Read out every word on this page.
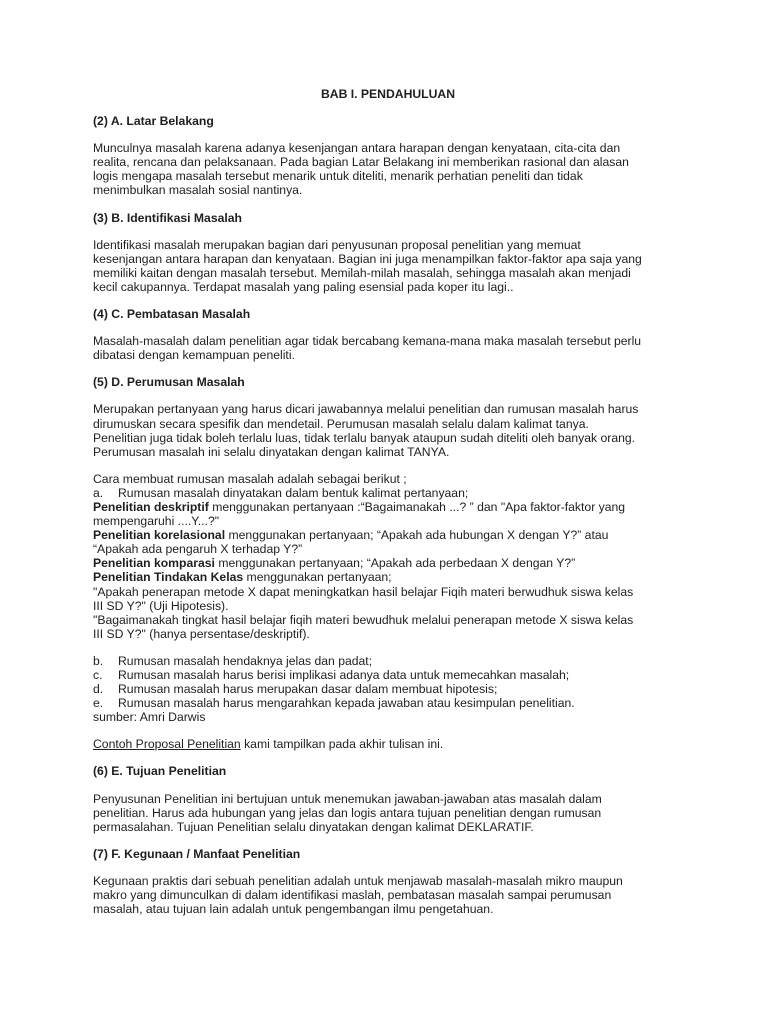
BAB I. PENDAHULUAN
(2) A. Latar Belakang
Munculnya masalah karena adanya kesenjangan antara harapan dengan kenyataan, cita-cita dan
realita, rencana dan pelaksanaan. Pada bagian Latar Belakang ini memberikan rasional dan alasan
logis mengapa masalah tersebut menarik untuk diteliti, menarik perhatian peneliti dan tidak
menimbulkan masalah sosial nantinya.
(3) B. Identifikasi Masalah
Identifikasi masalah merupakan bagian dari penyusunan proposal penelitian yang memuat
kesenjangan antara harapan dan kenyataan. Bagian ini juga menampilkan faktor-faktor apa saja yang
memiliki kaitan dengan masalah tersebut. Memilah-milah masalah, sehingga masalah akan menjadi
kecil cakupannya. Terdapat masalah yang paling esensial pada koper itu lagi..
(4) C. Pembatasan Masalah
Masalah-masalah dalam penelitian agar tidak bercabang kemana-mana maka masalah tersebut perlu
dibatasi dengan kemampuan peneliti.
(5) D. Perumusan Masalah
Merupakan pertanyaan yang harus dicari jawabannya melalui penelitian dan rumusan masalah harus
dirumuskan secara spesifik dan mendetail. Perumusan masalah selalu dalam kalimat tanya.
Penelitian juga tidak boleh terlalu luas, tidak terlalu banyak ataupun sudah diteliti oleh banyak orang.
Perumusan masalah ini selalu dinyatakan dengan kalimat TANYA.
Cara membuat rumusan masalah adalah sebagai berikut ;
a. Rumusan masalah dinyatakan dalam bentuk kalimat pertanyaan;
Penelitian deskriptif menggunakan pertanyaan :“Bagaimanakah ...? ” dan "Apa faktor-faktor yang
mempengaruhi ....Y...?"
Penelitian korelasional menggunakan pertanyaan; “Apakah ada hubungan X dengan Y?” atau
“Apakah ada pengaruh X terhadap Y?”
Penelitian komparasi menggunakan pertanyaan; “Apakah ada perbedaan X dengan Y?”
Penelitian Tindakan Kelas menggunakan pertanyaan;
"Apakah penerapan metode X dapat meningkatkan hasil belajar Fiqih materi berwudhuk siswa kelas
III SD Y?" (Uji Hipotesis).
"Bagaimanakah tingkat hasil belajar fiqih materi bewudhuk melalui penerapan metode X siswa kelas
III SD Y?" (hanya persentase/deskriptif).
b. Rumusan masalah hendaknya jelas dan padat;
c. Rumusan masalah harus berisi implikasi adanya data untuk memecahkan masalah;
d. Rumusan masalah harus merupakan dasar dalam membuat hipotesis;
e. Rumusan masalah harus mengarahkan kepada jawaban atau kesimpulan penelitian.
sumber: Amri Darwis
Contoh Proposal Penelitian kami tampilkan pada akhir tulisan ini.
(6) E. Tujuan Penelitian
Penyusunan Penelitian ini bertujuan untuk menemukan jawaban-jawaban atas masalah dalam
penelitian. Harus ada hubungan yang jelas dan logis antara tujuan penelitian dengan rumusan
permasalahan. Tujuan Penelitian selalu dinyatakan dengan kalimat DEKLARATIF.
(7) F. Kegunaan / Manfaat Penelitian
Kegunaan praktis dari sebuah penelitian adalah untuk menjawab masalah-masalah mikro maupun
makro yang dimunculkan di dalam identifikasi maslah, pembatasan masalah sampai perumusan
masalah, atau tujuan lain adalah untuk pengembangan ilmu pengetahuan.
